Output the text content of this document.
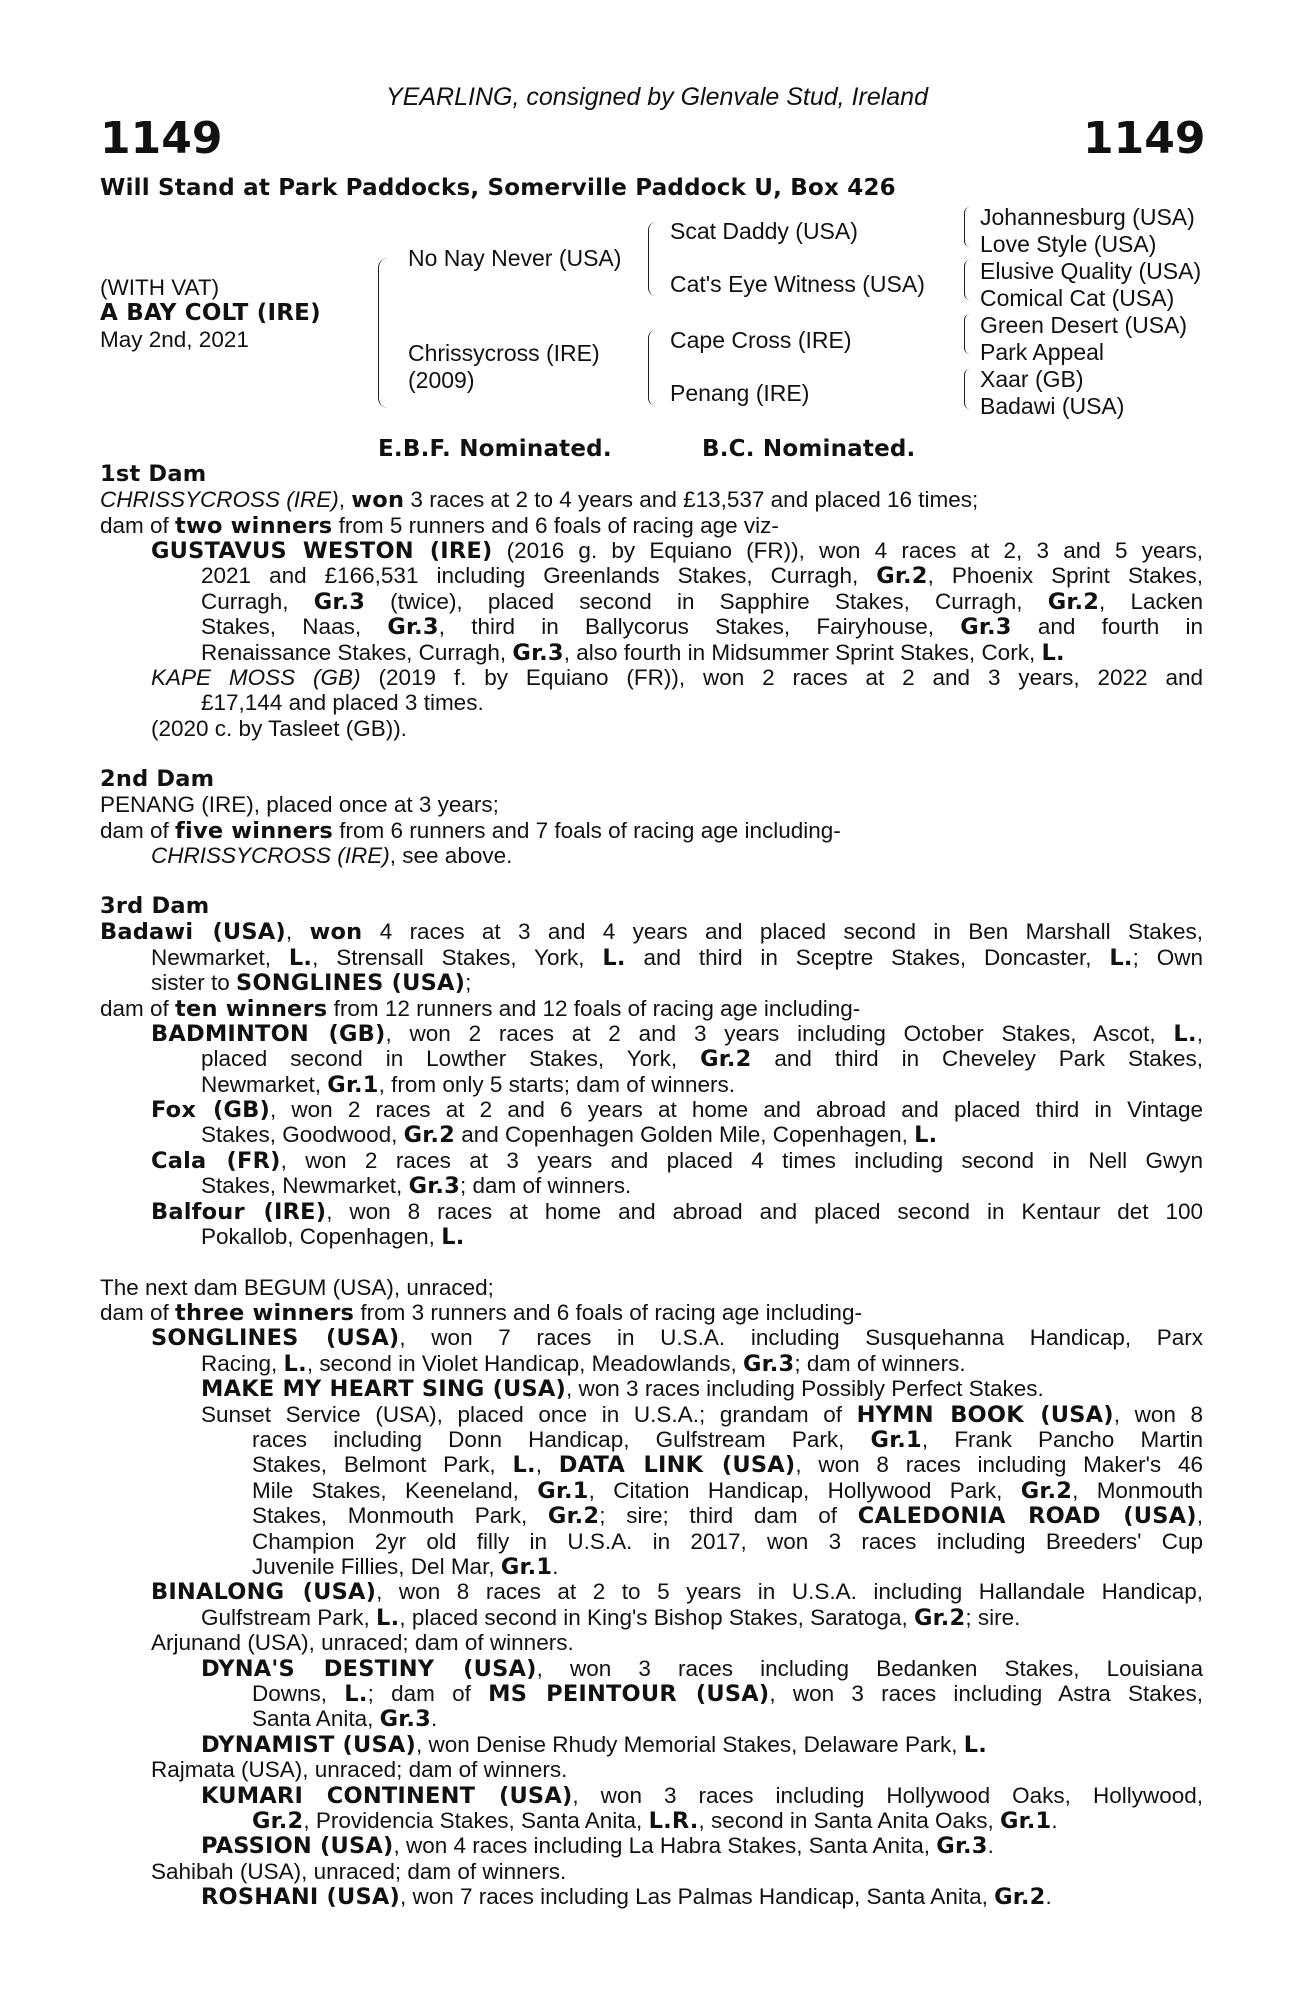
YEARLING, consigned by Glenvale Stud, Ireland
1149	1149
Will Stand at Park Paddocks, Somerville Paddock U, Box 426
(WITH VAT)
A BAY COLT (IRE)
May 2nd, 2021
No Nay Never (USA)
Chrissycross (IRE)
(2009)
Scat Daddy (USA)
Cat's Eye Witness (USA)
Cape Cross (IRE)
Penang (IRE)
Johannesburg (USA)
Love Style (USA)
Elusive Quality (USA)
Comical Cat (USA)
Green Desert (USA)
Park Appeal
Xaar (GB)
Badawi (USA)
E.B.F. Nominated.	B.C. Nominated.
1st Dam
CHRISSYCROSS (IRE), won 3 races at 2 to 4 years and £13,537 and placed 16 times;
dam of two winners from 5 runners and 6 foals of racing age viz-
GUSTAVUS WESTON (IRE) (2016 g. by Equiano (FR)), won 4 races at 2, 3 and 5 years,
2021 and £166,531 including Greenlands Stakes, Curragh, Gr.2, Phoenix Sprint Stakes,
Curragh, Gr.3 (twice), placed second in Sapphire Stakes, Curragh, Gr.2, Lacken
Stakes, Naas, Gr.3, third in Ballycorus Stakes, Fairyhouse, Gr.3 and fourth in
Renaissance Stakes, Curragh, Gr.3, also fourth in Midsummer Sprint Stakes, Cork, L.
KAPE MOSS (GB) (2019 f. by Equiano (FR)), won 2 races at 2 and 3 years, 2022 and
£17,144 and placed 3 times.
(2020 c. by Tasleet (GB)).
2nd Dam
PENANG (IRE), placed once at 3 years;
dam of five winners from 6 runners and 7 foals of racing age including-
CHRISSYCROSS (IRE), see above.
3rd Dam
Badawi (USA), won 4 races at 3 and 4 years and placed second in Ben Marshall Stakes,
Newmarket, L., Strensall Stakes, York, L. and third in Sceptre Stakes, Doncaster, L.; Own
sister to SONGLINES (USA);
dam of ten winners from 12 runners and 12 foals of racing age including-
BADMINTON (GB), won 2 races at 2 and 3 years including October Stakes, Ascot, L.,
placed second in Lowther Stakes, York, Gr.2 and third in Cheveley Park Stakes,
Newmarket, Gr.1, from only 5 starts; dam of winners.
Fox (GB), won 2 races at 2 and 6 years at home and abroad and placed third in Vintage
Stakes, Goodwood, Gr.2 and Copenhagen Golden Mile, Copenhagen, L.
Cala (FR), won 2 races at 3 years and placed 4 times including second in Nell Gwyn
Stakes, Newmarket, Gr.3; dam of winners.
Balfour (IRE), won 8 races at home and abroad and placed second in Kentaur det 100
Pokallob, Copenhagen, L.
The next dam BEGUM (USA), unraced;
dam of three winners from 3 runners and 6 foals of racing age including-
SONGLINES (USA), won 7 races in U.S.A. including Susquehanna Handicap, Parx
Racing, L., second in Violet Handicap, Meadowlands, Gr.3; dam of winners.
MAKE MY HEART SING (USA), won 3 races including Possibly Perfect Stakes.
Sunset Service (USA), placed once in U.S.A.; grandam of HYMN BOOK (USA), won 8
races including Donn Handicap, Gulfstream Park, Gr.1, Frank Pancho Martin
Stakes, Belmont Park, L., DATA LINK (USA), won 8 races including Maker's 46
Mile Stakes, Keeneland, Gr.1, Citation Handicap, Hollywood Park, Gr.2, Monmouth
Stakes, Monmouth Park, Gr.2; sire; third dam of CALEDONIA ROAD (USA),
Champion 2yr old filly in U.S.A. in 2017, won 3 races including Breeders' Cup
Juvenile Fillies, Del Mar, Gr.1.
BINALONG (USA), won 8 races at 2 to 5 years in U.S.A. including Hallandale Handicap,
Gulfstream Park, L., placed second in King's Bishop Stakes, Saratoga, Gr.2; sire.
Arjunand (USA), unraced; dam of winners.
DYNA'S DESTINY (USA), won 3 races including Bedanken Stakes, Louisiana
Downs, L.; dam of MS PEINTOUR (USA), won 3 races including Astra Stakes,
Santa Anita, Gr.3.
DYNAMIST (USA), won Denise Rhudy Memorial Stakes, Delaware Park, L.
Rajmata (USA), unraced; dam of winners.
KUMARI CONTINENT (USA), won 3 races including Hollywood Oaks, Hollywood,
Gr.2, Providencia Stakes, Santa Anita, L.R., second in Santa Anita Oaks, Gr.1.
PASSION (USA), won 4 races including La Habra Stakes, Santa Anita, Gr.3.
Sahibah (USA), unraced; dam of winners.
ROSHANI (USA), won 7 races including Las Palmas Handicap, Santa Anita, Gr.2.
